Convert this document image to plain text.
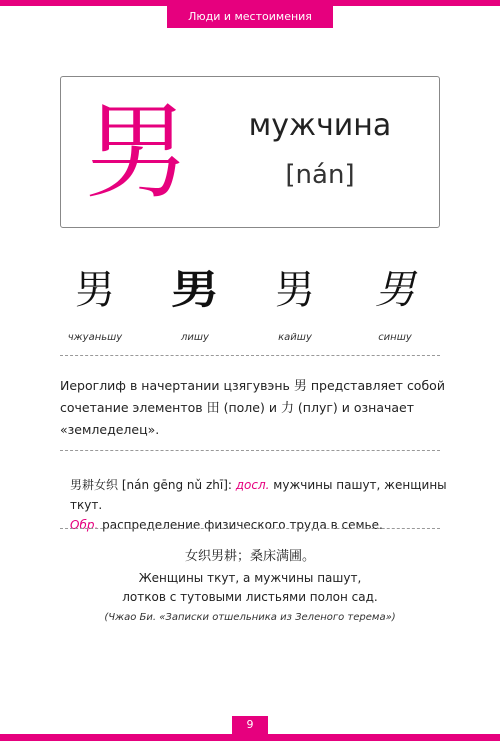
Люди и местоимения
男	мужчина
[nán]
男
чжуаньшу
男
лишу
男
кайшу
男
синшу
Иероглиф в начертании цзягувэнь 男 представляет собой сочетание элементов 田 (поле) и 力 (плуг) и означает «земледелец».
男耕女织 [nán gēng nǔ zhī]: досл. мужчины пашут, женщины ткут.
Обр. распределение физического труда в семье.
女织男耕；桑床满圃。
Женщины ткут, а мужчины пашут,
лотков с тутовыми листьями полон сад.
(Чжао Би. «Записки отшельника из Зеленого терема»)
9
